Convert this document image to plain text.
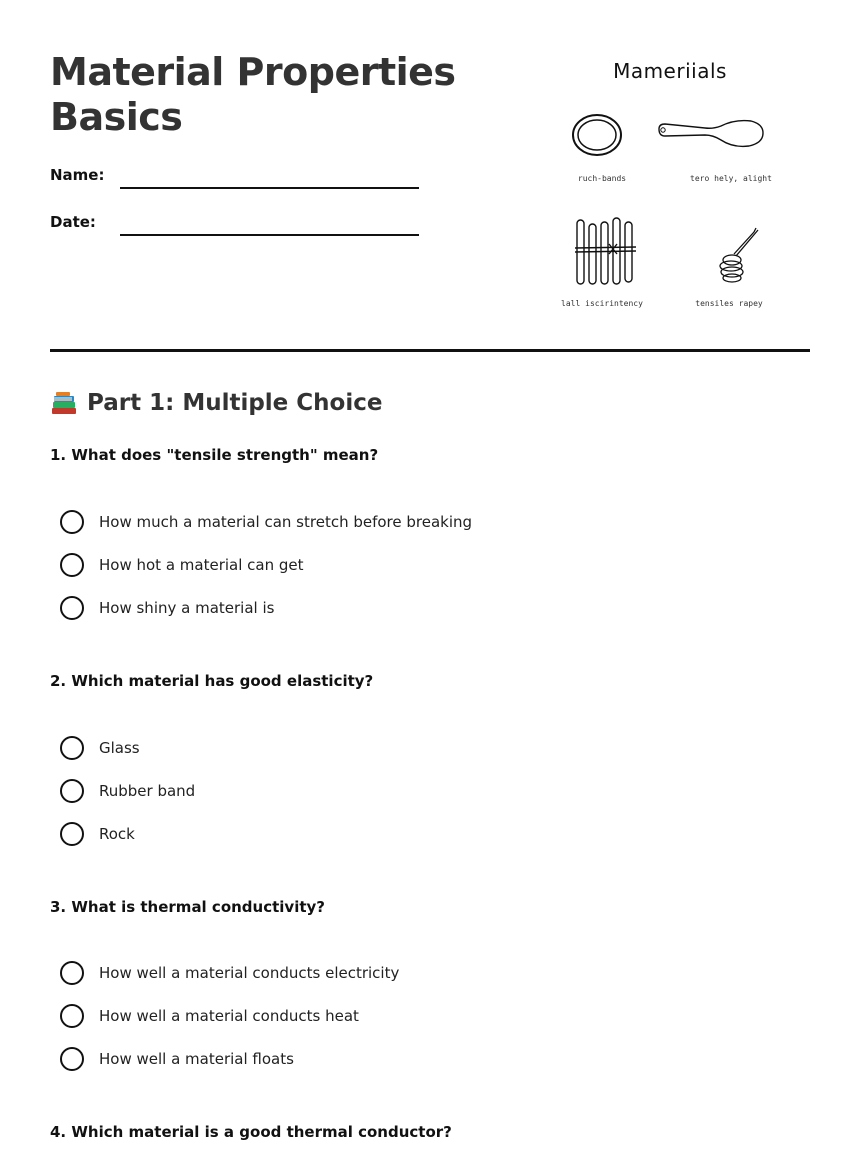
Material Properties Basics
Name:
Date:
Mameriials
ruch-bands	tero hely, alight
lall iscirintency	tensiles rapey
Part 1: Multiple Choice

1. What does "tensile strength" mean?

How much a material can stretch before breaking
How hot a material can get
How shiny a material is

2. Which material has good elasticity?

Glass
Rubber band
Rock

3. What is thermal conductivity?

How well a material conducts electricity
How well a material conducts heat
How well a material floats

4. Which material is a good thermal conductor?
